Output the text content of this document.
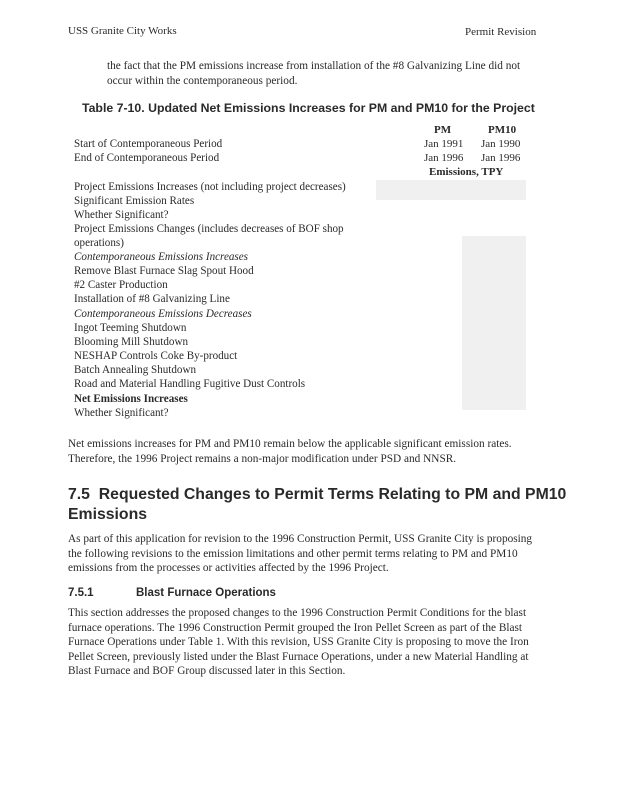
USS Granite City Works	Permit Revision
the fact that the PM emissions increase from installation of the #8 Galvanizing Line did not occur within the contemporaneous period.
Table 7-10. Updated Net Emissions Increases for PM and PM10 for the Project
PM	PM10
Start of Contemporaneous Period	Jan 1991 Jan 1990
End of Contemporaneous Period	Jan 1996 Jan 1996
Emissions, TPY
Project Emissions Increases (not including project decreases)
Significant Emission Rates
Whether Significant?
Project Emissions Changes (includes decreases of BOF shop
operations)
Contemporaneous Emissions Increases
Remove Blast Furnace Slag Spout Hood
#2 Caster Production
Installation of #8 Galvanizing Line
Contemporaneous Emissions Decreases
Ingot Teeming Shutdown
Blooming Mill Shutdown
NESHAP Controls Coke By-product
Batch Annealing Shutdown
Road and Material Handling Fugitive Dust Controls
Net Emissions Increases
Whether Significant?
Net emissions increases for PM and PM10 remain below the applicable significant emission rates. Therefore, the 1996 Project remains a non-major modification under PSD and NNSR.
7.5 Requested Changes to Permit Terms Relating to PM and PM10 Emissions
As part of this application for revision to the 1996 Construction Permit, USS Granite City is proposing the following revisions to the emission limitations and other permit terms relating to PM and PM10 emissions from the processes or activities affected by the 1996 Project.
7.5.1	Blast Furnace Operations
This section addresses the proposed changes to the 1996 Construction Permit Conditions for the blast furnace operations. The 1996 Construction Permit grouped the Iron Pellet Screen as part of the Blast Furnace Operations under Table 1. With this revision, USS Granite City is proposing to move the Iron Pellet Screen, previously listed under the Blast Furnace Operations, under a new Material Handling at Blast Furnace and BOF Group discussed later in this Section.
